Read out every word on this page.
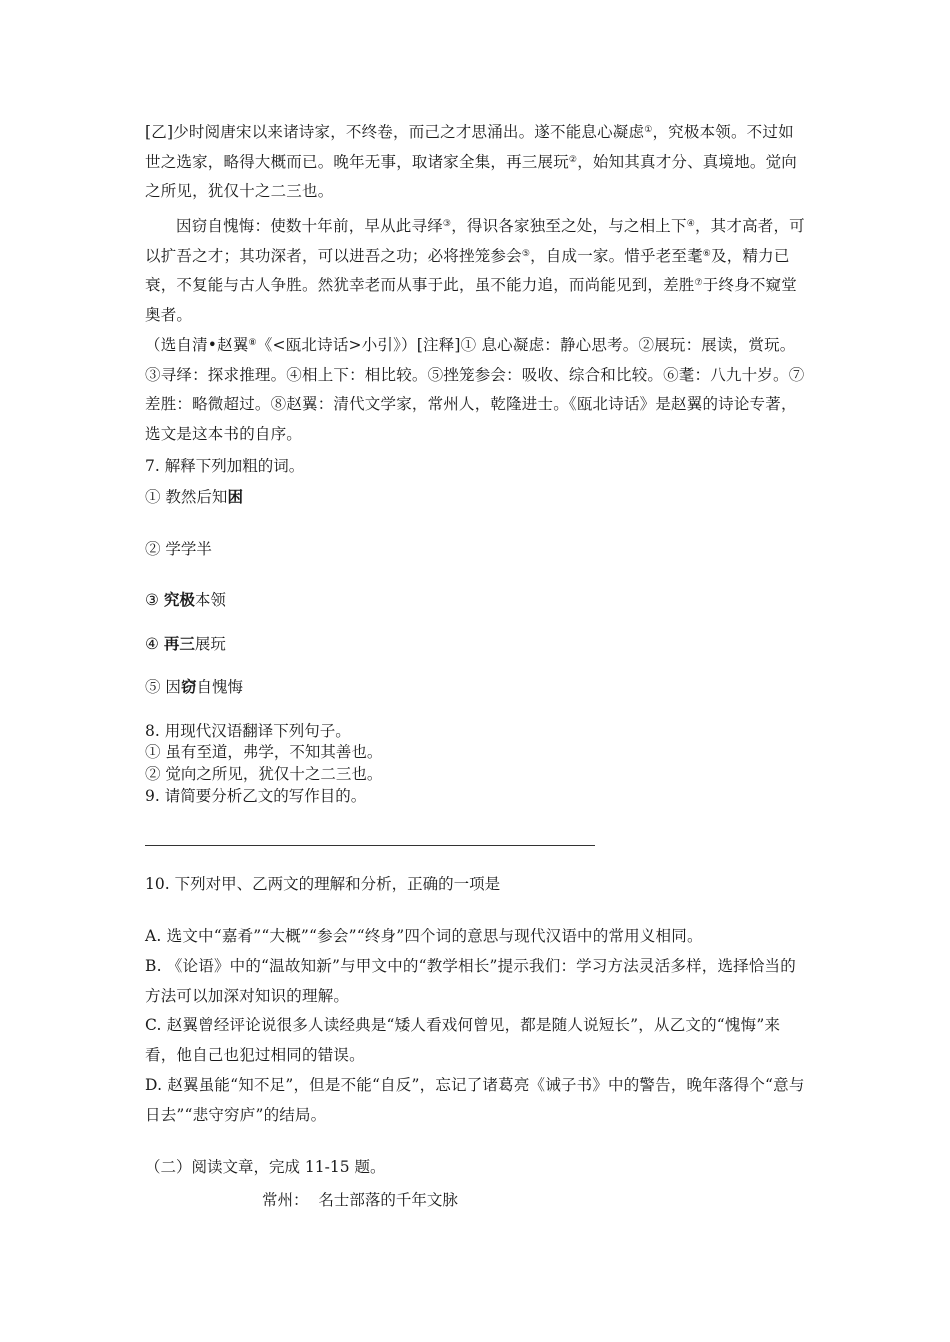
[乙]少时阅唐宋以来诸诗家，不终卷，而己之才思涌出。遂不能息心凝虑①，究极本领。不过如世之选家，略得大概而已。晚年无事，取诸家全集，再三展玩②，始知其真才分、真境地。觉向之所见，犹仅十之二三也。
因窃自愧悔：使数十年前，早从此寻绎③，得识各家独至之处，与之相上下④，其才高者，可以扩吾之才；其功深者，可以进吾之功；必将挫笼参会⑤，自成一家。惜乎老至耄⑥及，精力已衰，不复能与古人争胜。然犹幸老而从事于此，虽不能力追，而尚能见到，差胜⑦于终身不窥堂奥者。
（选自清•赵翼⑧《<瓯北诗话>小引》）[注释]① 息心凝虑：静心思考。②展玩：展读，赏玩。③寻绎：探求推理。④相上下：相比较。⑤挫笼参会：吸收、综合和比较。⑥耄：八九十岁。⑦差胜：略微超过。⑧赵翼：清代文学家，常州人，乾隆进士。《瓯北诗话》是赵翼的诗论专著，选文是这本书的自序。
7. 解释下列加粗的词。
① 教然后知困
② 学学半
③ 究极本领
④ 再三展玩
⑤ 因窃自愧悔
8. 用现代汉语翻译下列句子。
① 虽有至道，弗学，不知其善也。
② 觉向之所见，犹仅十之二三也。
9. 请简要分析乙文的写作目的。
10. 下列对甲、乙两文的理解和分析，正确的一项是
A. 选文中“嘉肴”“大概”“参会”“终身”四个词的意思与现代汉语中的常用义相同。
B. 《论语》中的“温故知新”与甲文中的“教学相长”提示我们：学习方法灵活多样，选择恰当的方法可以加深对知识的理解。
C. 赵翼曾经评论说很多人读经典是“矮人看戏何曾见，都是随人说短长”，从乙文的“愧悔”来看，他自己也犯过相同的错误。
D. 赵翼虽能“知不足”，但是不能“自反”，忘记了诸葛亮《诫子书》中的警告，晚年落得个“意与日去”“悲守穷庐”的结局。
（二）阅读文章，完成 11-15 题。
常州：  名士部落的千年文脉
